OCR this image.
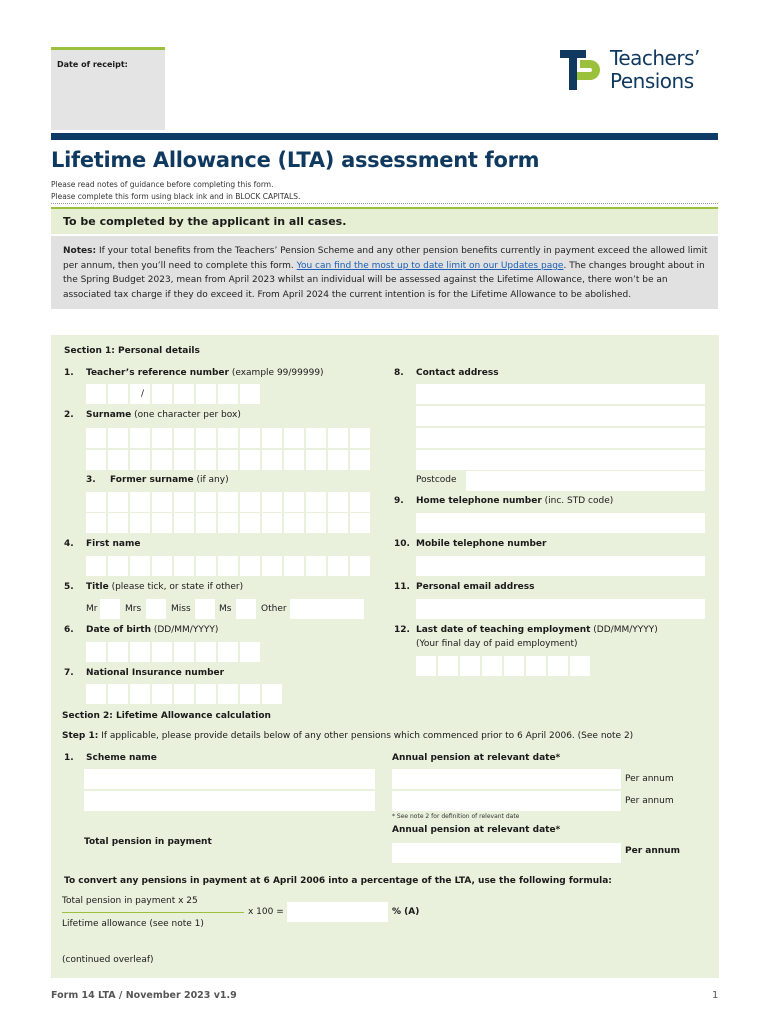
Date of receipt:	Teachers’
Pensions
Lifetime Allowance (LTA) assessment form
Please read notes of guidance before completing this form.
Please complete this form using black ink and in BLOCK CAPITALS.
To be completed by the applicant in all cases.
Notes: If your total benefits from the Teachers’ Pension Scheme and any other pension benefits currently in payment exceed the allowed limit per annum, then you’ll need to complete this form. You can find the most up to date limit on our Updates page. The changes brought about in the Spring Budget 2023, mean from April 2023 whilst an individual will be assessed against the Lifetime Allowance, there won’t be an associated tax charge if they do exceed it. From April 2024 the current intention is for the Lifetime Allowance to be abolished.
Section 1: Personal details
1. Teacher’s reference number (example 99/99999)
/
2. Surname (one character per box)
3. Former surname (if any)
4. First name
5. Title (please tick, or state if other)
Mr	Mrs	Miss	Ms	Other
6. Date of birth (DD/MM/YYYY)
7. National Insurance number
8. Contact address
Postcode
9. Home telephone number (inc. STD code)
10. Mobile telephone number
11. Personal email address
12. Last date of teaching employment (DD/MM/YYYY)
(Your final day of paid employment)
Section 2: Lifetime Allowance calculation
Step 1: If applicable, please provide details below of any other pensions which commenced prior to 6 April 2006. (See note 2)
1. Scheme name	Annual pension at relevant date*
Per annum
Per annum
* See note 2 for definition of relevant date
Annual pension at relevant date*
Total pension in payment
Per annum
To convert any pensions in payment at 6 April 2006 into a percentage of the LTA, use the following formula:
Total pension in payment x 25
x 100 =	% (A)
Lifetime allowance (see note 1)
(continued overleaf)
Form 14 LTA / November 2023 v1.9	1
